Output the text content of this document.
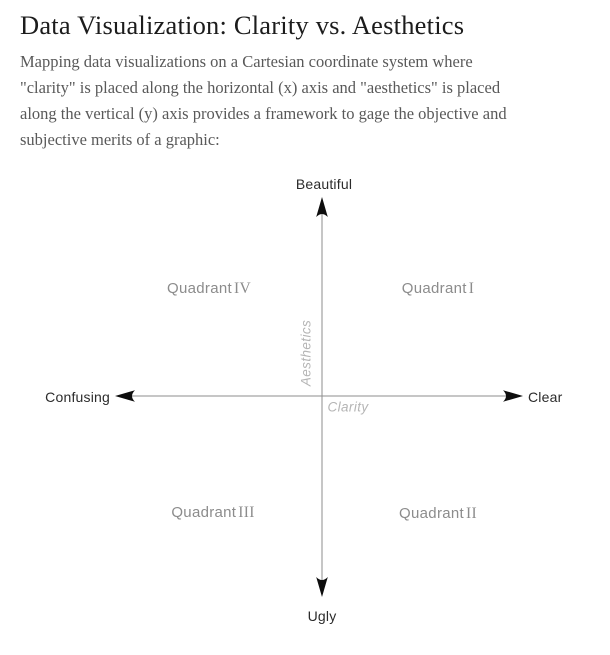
Data Visualization: Clarity vs. Aesthetics
Mapping data visualizations on a Cartesian coordinate system where
"clarity" is placed along the horizontal (x) axis and "aesthetics" is placed
along the vertical (y) axis provides a framework to gage the objective and
subjective merits of a graphic:
Beautiful
Ugly
Confusing	Clear
Aesthetics
Clarity
Quadrant I
Quadrant II
Quadrant III
Quadrant IV
